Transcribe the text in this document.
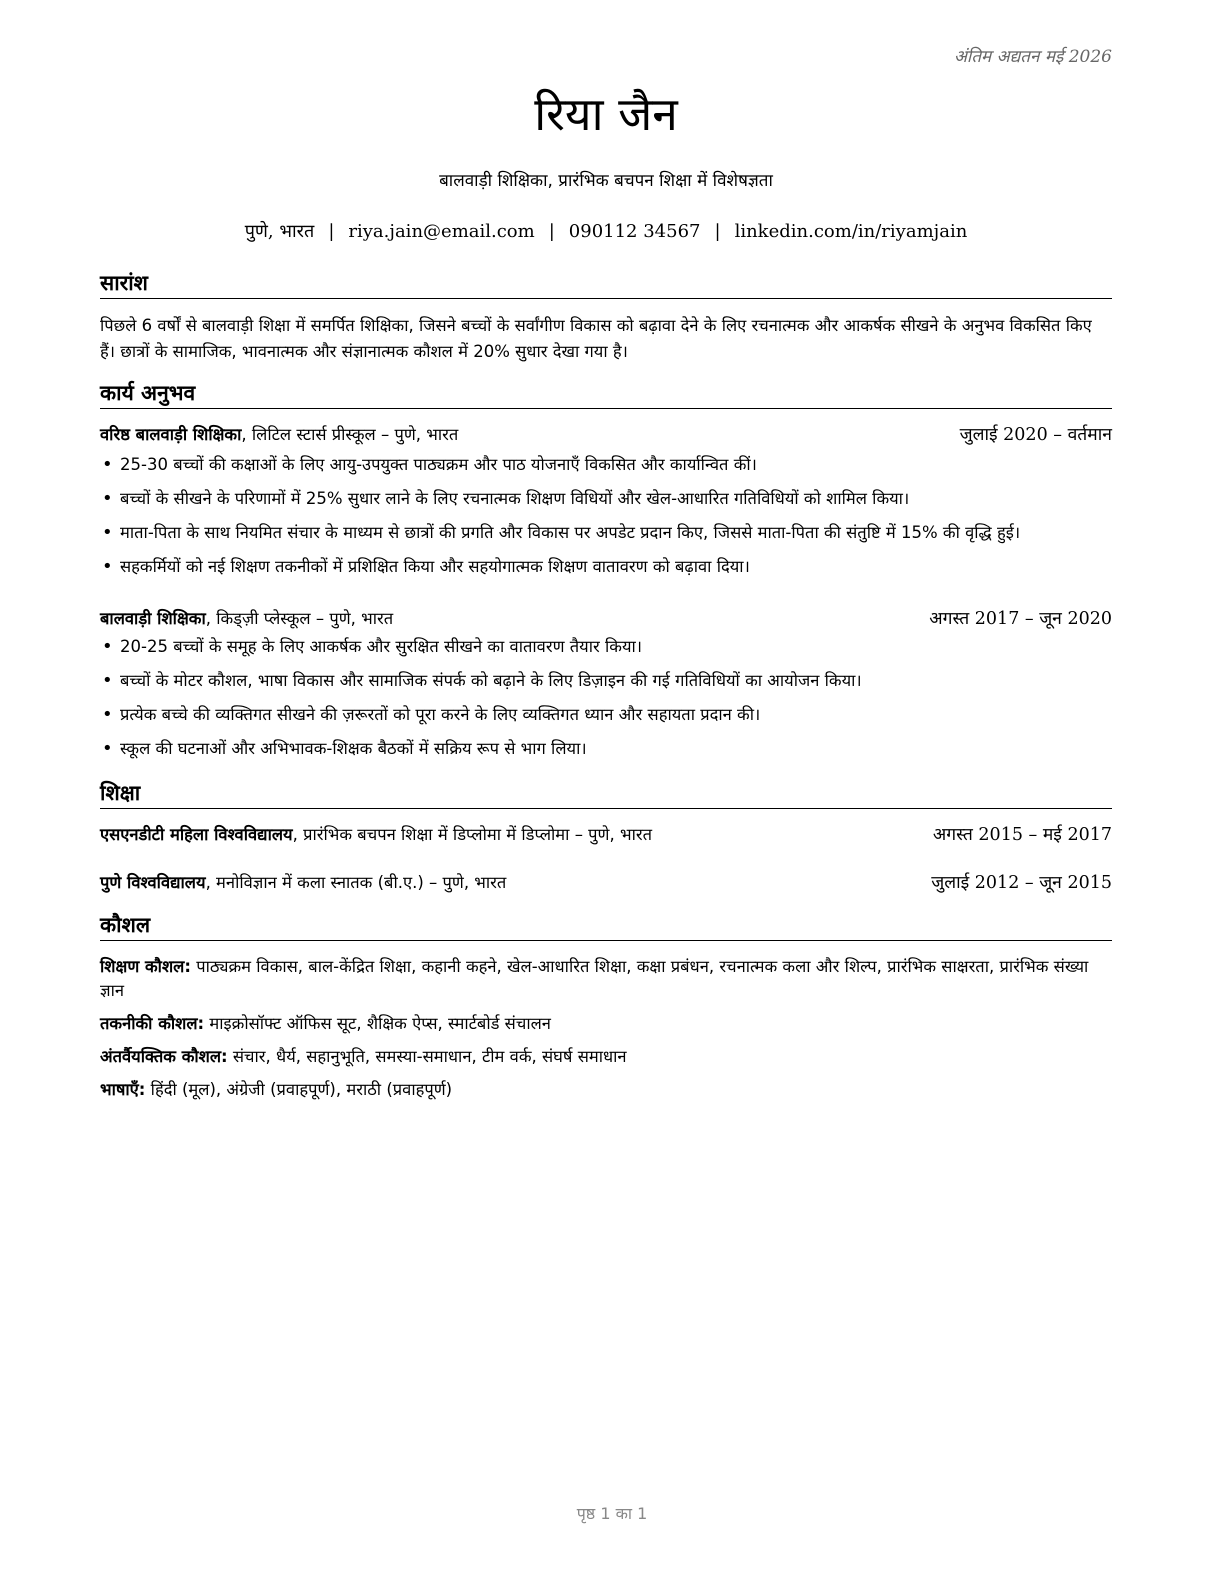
अंतिम अद्यतन मई 2026
रिया जैन
बालवाड़ी शिक्षिका, प्रारंभिक बचपन शिक्षा में विशेषज्ञता
पुणे, भारत | riya.jain@email.com | 090112 34567 | linkedin.com/in/riyamjain
सारांश
पिछले 6 वर्षों से बालवाड़ी शिक्षा में समर्पित शिक्षिका, जिसने बच्चों के सर्वांगीण विकास को बढ़ावा देने के लिए रचनात्मक और आकर्षक सीखने के अनुभव विकसित किए हैं। छात्रों के सामाजिक, भावनात्मक और संज्ञानात्मक कौशल में 20% सुधार देखा गया है।
कार्य अनुभव
वरिष्ठ बालवाड़ी शिक्षिका, लिटिल स्टार्स प्रीस्कूल – पुणे, भारत	जुलाई 2020 – वर्तमान
• 25-30 बच्चों की कक्षाओं के लिए आयु-उपयुक्त पाठ्यक्रम और पाठ योजनाएँ विकसित और कार्यान्वित कीं।
• बच्चों के सीखने के परिणामों में 25% सुधार लाने के लिए रचनात्मक शिक्षण विधियों और खेल-आधारित गतिविधियों को शामिल किया।
• माता-पिता के साथ नियमित संचार के माध्यम से छात्रों की प्रगति और विकास पर अपडेट प्रदान किए, जिससे माता-पिता की संतुष्टि में 15% की वृद्धि हुई।
• सहकर्मियों को नई शिक्षण तकनीकों में प्रशिक्षित किया और सहयोगात्मक शिक्षण वातावरण को बढ़ावा दिया।
बालवाड़ी शिक्षिका, किड्ज़ी प्लेस्कूल – पुणे, भारत	अगस्त 2017 – जून 2020
• 20-25 बच्चों के समूह के लिए आकर्षक और सुरक्षित सीखने का वातावरण तैयार किया।
• बच्चों के मोटर कौशल, भाषा विकास और सामाजिक संपर्क को बढ़ाने के लिए डिज़ाइन की गई गतिविधियों का आयोजन किया।
• प्रत्येक बच्चे की व्यक्तिगत सीखने की ज़रूरतों को पूरा करने के लिए व्यक्तिगत ध्यान और सहायता प्रदान की।
• स्कूल की घटनाओं और अभिभावक-शिक्षक बैठकों में सक्रिय रूप से भाग लिया।
शिक्षा
एसएनडीटी महिला विश्वविद्यालय, प्रारंभिक बचपन शिक्षा में डिप्लोमा में डिप्लोमा – पुणे, भारत	अगस्त 2015 – मई 2017
पुणे विश्वविद्यालय, मनोविज्ञान में कला स्नातक (बी.ए.) – पुणे, भारत	जुलाई 2012 – जून 2015
कौशल
शिक्षण कौशल: पाठ्यक्रम विकास, बाल-केंद्रित शिक्षा, कहानी कहने, खेल-आधारित शिक्षा, कक्षा प्रबंधन, रचनात्मक कला और शिल्प, प्रारंभिक साक्षरता, प्रारंभिक संख्या ज्ञान
तकनीकी कौशल: माइक्रोसॉफ्ट ऑफिस सूट, शैक्षिक ऐप्स, स्मार्टबोर्ड संचालन
अंतर्वैयक्तिक कौशल: संचार, धैर्य, सहानुभूति, समस्या-समाधान, टीम वर्क, संघर्ष समाधान
भाषाएँ: हिंदी (मूल), अंग्रेजी (प्रवाहपूर्ण), मराठी (प्रवाहपूर्ण)
पृष्ठ 1 का 1
